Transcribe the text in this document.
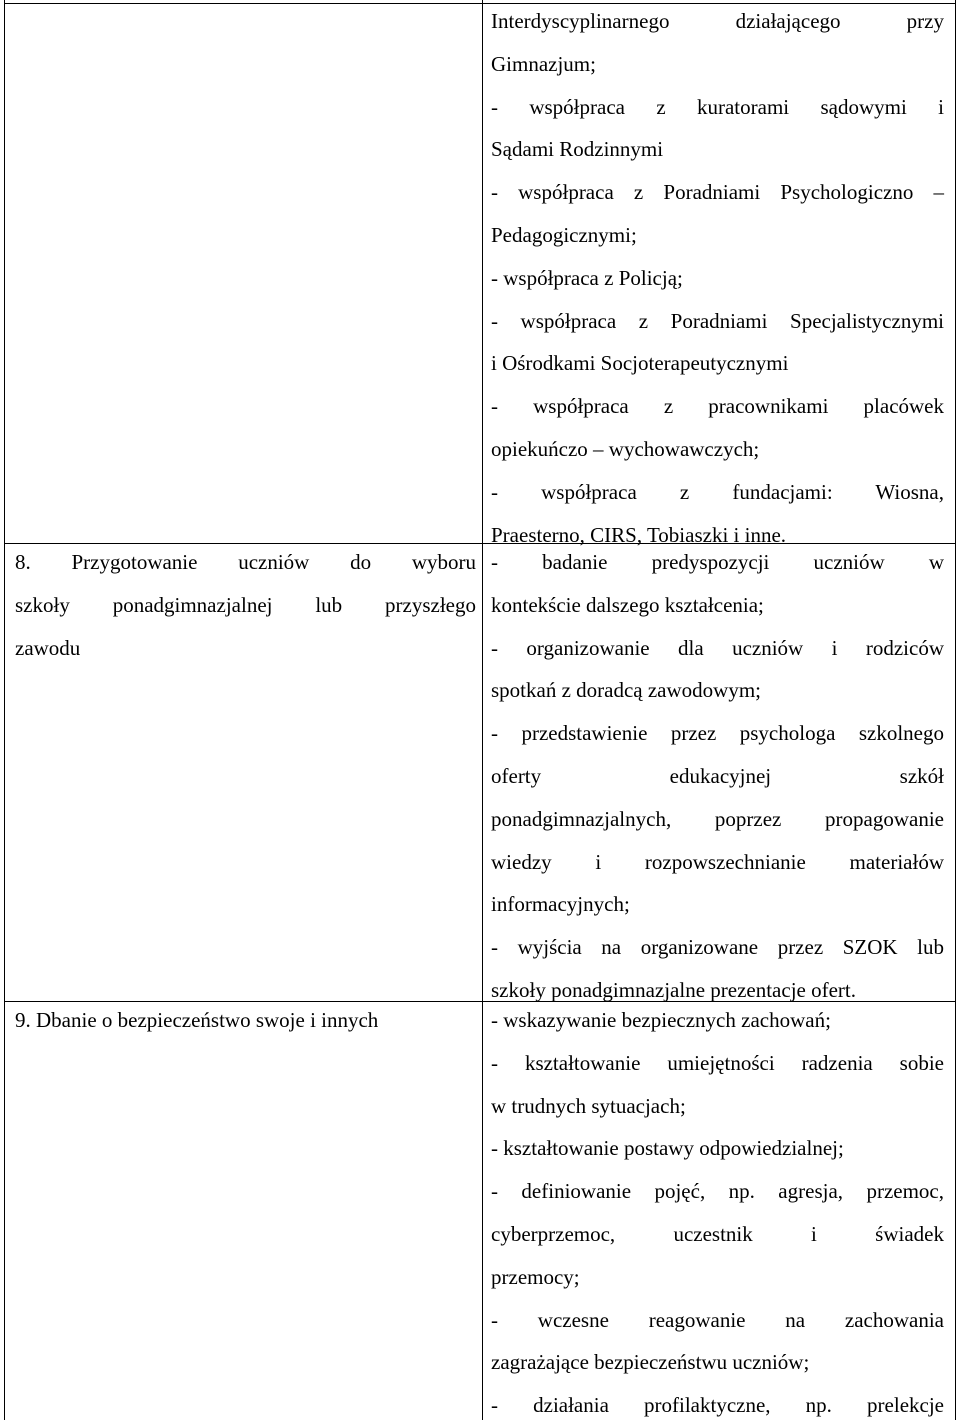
Interdyscyplinarnego działającego przy
Gimnazjum;
- współpraca z kuratorami sądowymi i
Sądami Rodzinnymi
- współpraca z Poradniami Psychologiczno –
Pedagogicznymi;
- współpraca z Policją;
- współpraca z Poradniami Specjalistycznymi
i Ośrodkami Socjoterapeutycznymi
- współpraca z pracownikami placówek
opiekuńczo – wychowawczych;
- współpraca z fundacjami: Wiosna,
Praesterno, CIRS, Tobiaszki i inne.
8. Przygotowanie uczniów do wyboru
szkoły ponadgimnazjalnej lub przyszłego
zawodu
- badanie predyspozycji uczniów w
kontekście dalszego kształcenia;
- organizowanie dla uczniów i rodziców
spotkań z doradcą zawodowym;
- przedstawienie przez psychologa szkolnego
oferty edukacyjnej szkół
ponadgimnazjalnych, poprzez propagowanie
wiedzy i rozpowszechnianie materiałów
informacyjnych;
- wyjścia na organizowane przez SZOK lub
szkoły ponadgimnazjalne prezentacje ofert.
9. Dbanie o bezpieczeństwo swoje i innych	- wskazywanie bezpiecznych zachowań;
- kształtowanie umiejętności radzenia sobie
w trudnych sytuacjach;
- kształtowanie postawy odpowiedzialnej;
- definiowanie pojęć, np. agresja, przemoc,
cyberprzemoc, uczestnik i świadek
przemocy;
- wczesne reagowanie na zachowania
zagrażające bezpieczeństwu uczniów;
- działania profilaktyczne, np. prelekcje
